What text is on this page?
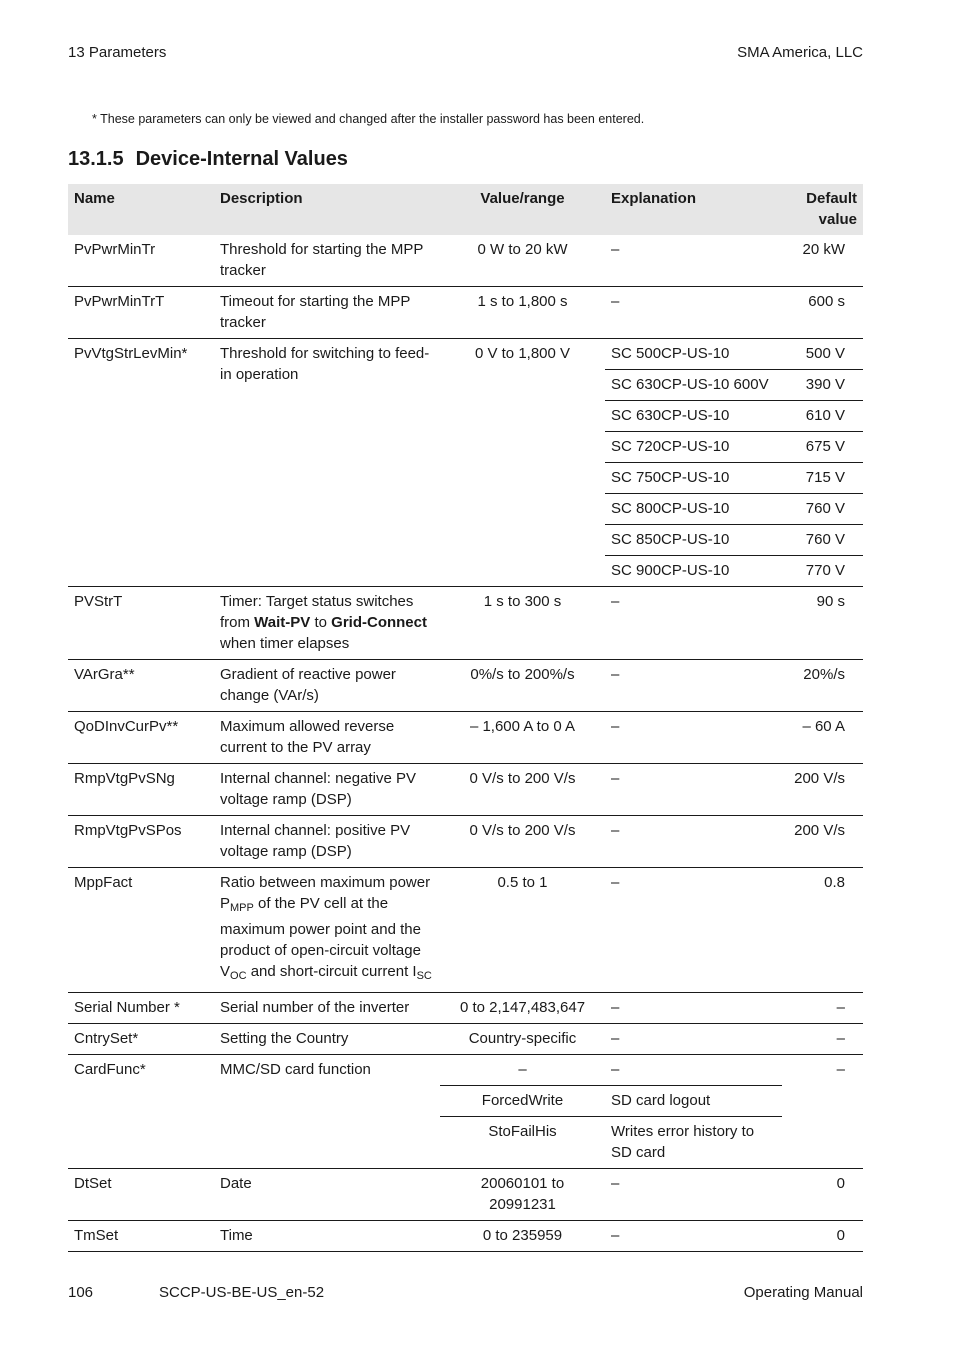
13 Parameters	SMA America, LLC
* These parameters can only be viewed and changed after the installer password has been entered.
13.1.5 Device-Internal Values
Name	Description	Value/range	Explanation	Default value
PvPwrMinTr	Threshold for starting the MPP tracker	0 W to 20 kW	–	20 kW
PvPwrMinTrT	Timeout for starting the MPP tracker	1 s to 1,800 s	–	600 s
PvVtgStrLevMin*	Threshold for switching to feed-in operation	0 V to 1,800 V	SC 500CP-US-10	500 V
			SC 630CP-US-10 600V	390 V
			SC 630CP-US-10	610 V
			SC 720CP-US-10	675 V
			SC 750CP-US-10	715 V
			SC 800CP-US-10	760 V
			SC 850CP-US-10	760 V
			SC 900CP-US-10	770 V
PVStrT	Timer: Target status switches from Wait-PV to Grid-Connect when timer elapses	1 s to 300 s	–	90 s
VArGra**	Gradient of reactive power change (VAr/s)	0%/s to 200%/s	–	20%/s
QoDInvCurPv**	Maximum allowed reverse current to the PV array	– 1,600 A to 0 A	–	– 60 A
RmpVtgPvSNg	Internal channel: negative PV voltage ramp (DSP)	0 V/s to 200 V/s	–	200 V/s
RmpVtgPvSPos	Internal channel: positive PV voltage ramp (DSP)	0 V/s to 200 V/s	–	200 V/s
MppFact	Ratio between maximum power $P_{MPP}$ of the PV cell at the maximum power point and the product of open-circuit voltage $V_{OC}$ and short-circuit current $I_{SC}$	0.5 to 1	–	0.8
Serial Number *	Serial number of the inverter	0 to 2,147,483,647	–	–
CntrySet*	Setting the Country	Country-specific	–	–
CardFunc*	MMC/SD card function	–	–	–
		ForcedWrite	SD card logout	
		StoFailHis	Writes error history to SD card	
DtSet	Date	20060101 to 20991231	–	0
TmSet	Time	0 to 235959	–	0
106	SCCP-US-BE-US_en-52	Operating Manual
